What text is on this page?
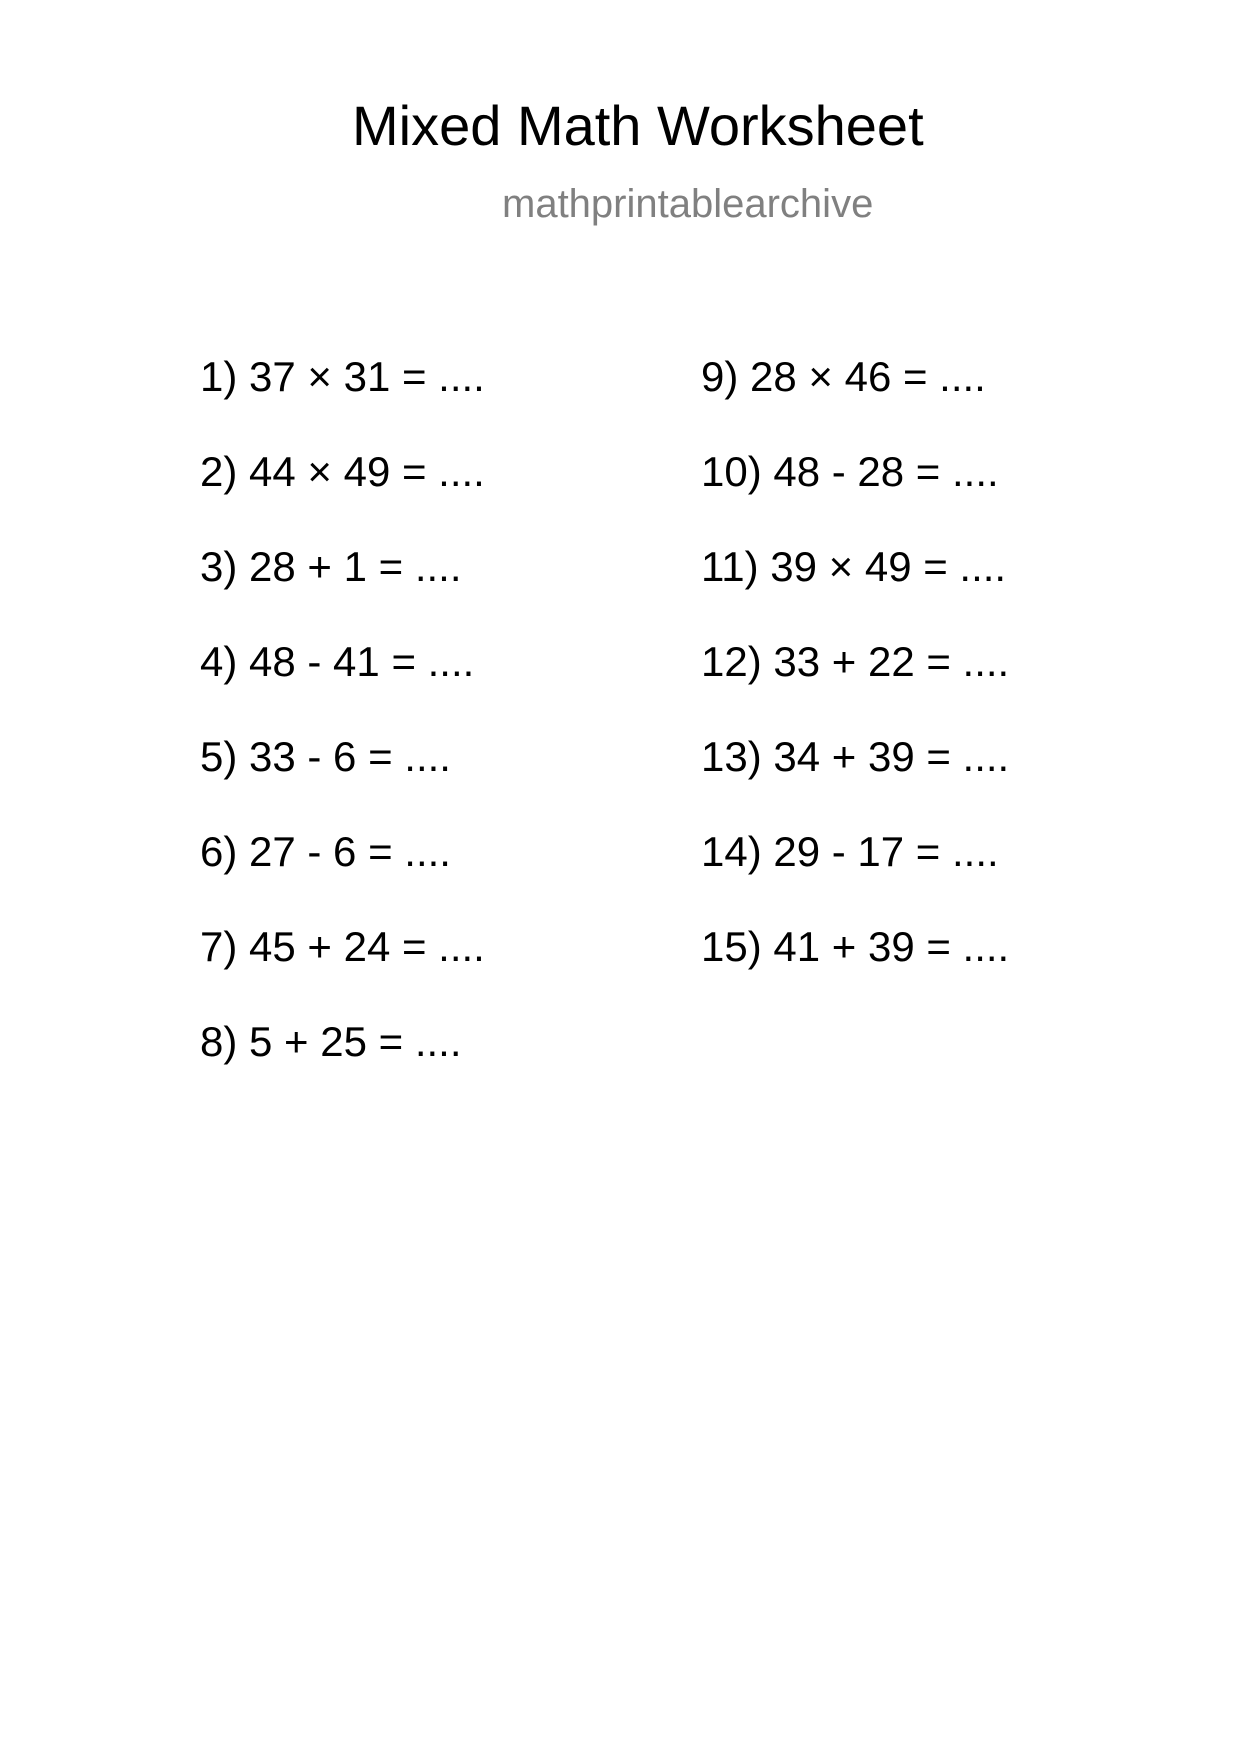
Mixed Math Worksheet
mathprintablearchive
1) 37 × 31 = ....
2) 44 × 49 = ....
3) 28 + 1 = ....
4) 48 - 41 = ....
5) 33 - 6 = ....
6) 27 - 6 = ....
7) 45 + 24 = ....
8) 5 + 25 = ....
9) 28 × 46 = ....
10) 48 - 28 = ....
11) 39 × 49 = ....
12) 33 + 22 = ....
13) 34 + 39 = ....
14) 29 - 17 = ....
15) 41 + 39 = ....
